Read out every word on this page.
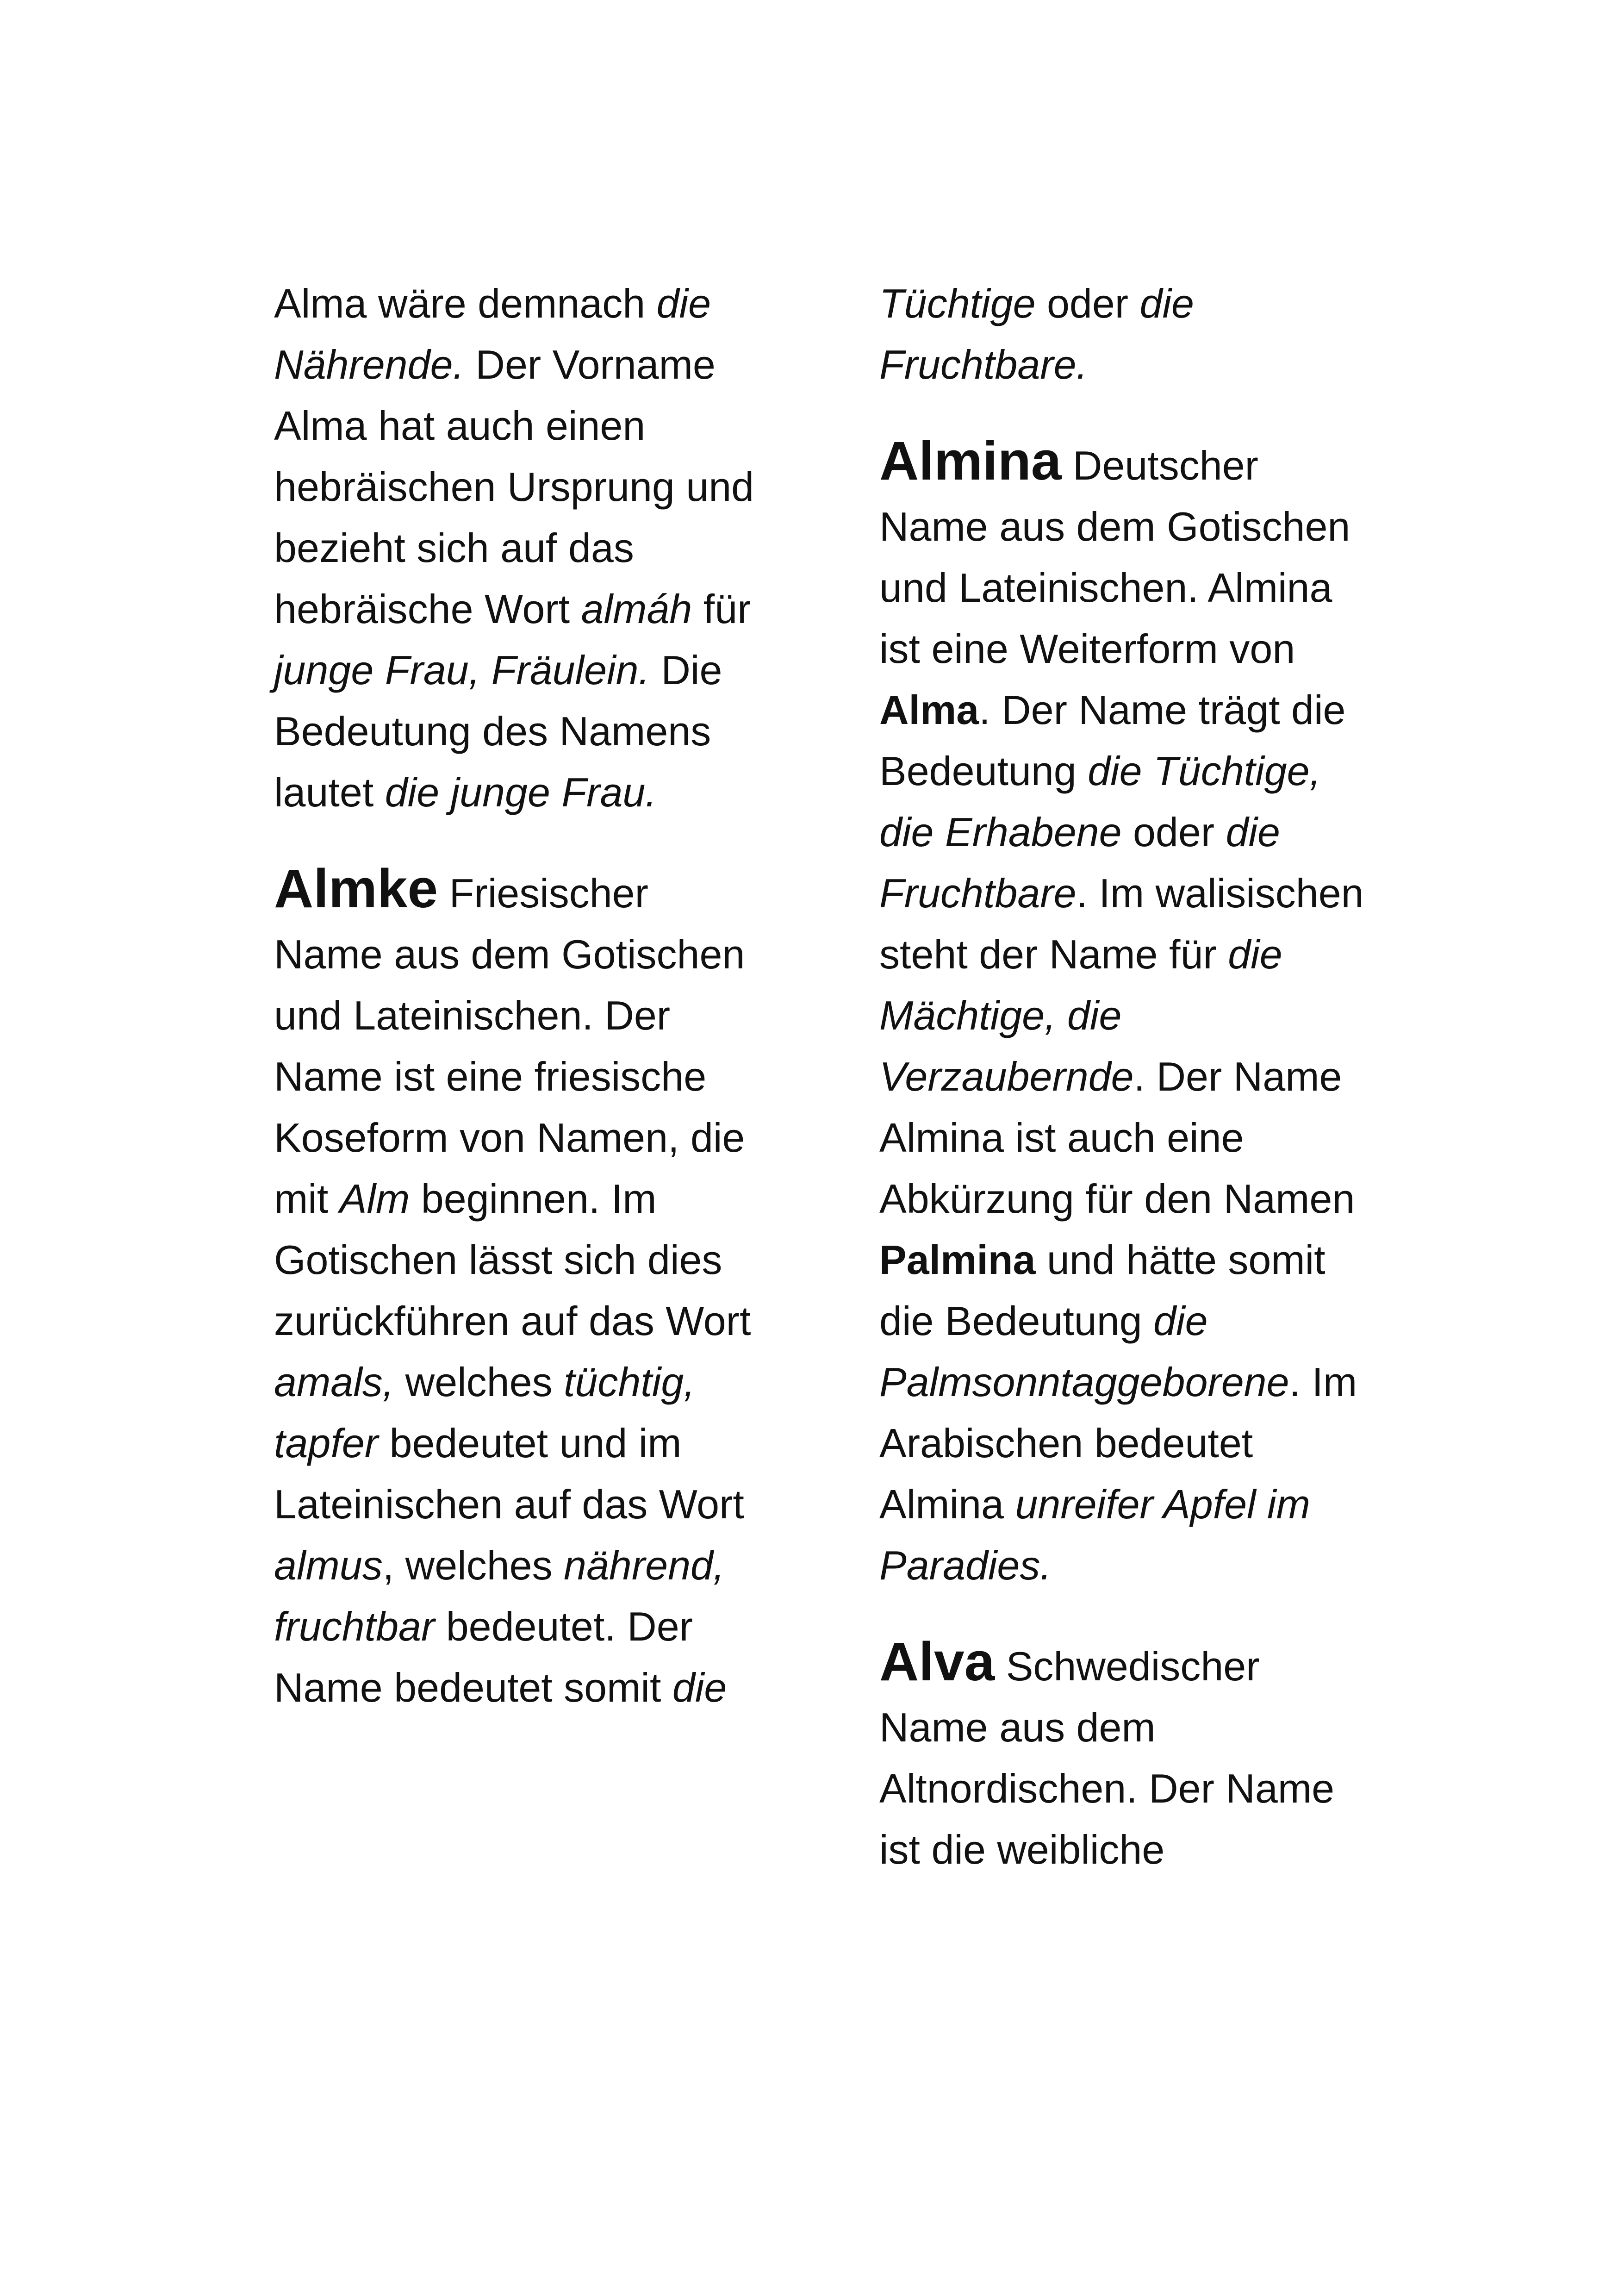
Alma wäre demnach die Nährende. Der Vorname Alma hat auch einen hebräischen Ursprung und bezieht sich auf das hebräische Wort almáh für junge Frau, Fräulein. Die Bedeutung des Namens lautet die junge Frau.

Almke Friesischer Name aus dem Gotischen und Lateinischen. Der Name ist eine friesische Koseform von Namen, die mit Alm beginnen. Im Gotischen lässt sich dies zurückführen auf das Wort amals, welches tüchtig, tapfer bedeutet und im Lateinischen auf das Wort almus, welches nährend, fruchtbar bedeutet. Der Name bedeutet somit die

Tüchtige oder die Fruchtbare.

Almina Deutscher Name aus dem Gotischen und Lateinischen. Almina ist eine Weiterform von Alma. Der Name trägt die Bedeutung die Tüchtige, die Erhabene oder die Fruchtbare. Im walisischen steht der Name für die Mächtige, die Verzaubernde. Der Name Almina ist auch eine Abkürzung für den Namen Palmina und hätte somit die Bedeutung die Palmsonntaggeborene. Im Arabischen bedeutet Almina unreifer Apfel im Paradies.

Alva Schwedischer Name aus dem Altnordischen. Der Name ist die weibliche
